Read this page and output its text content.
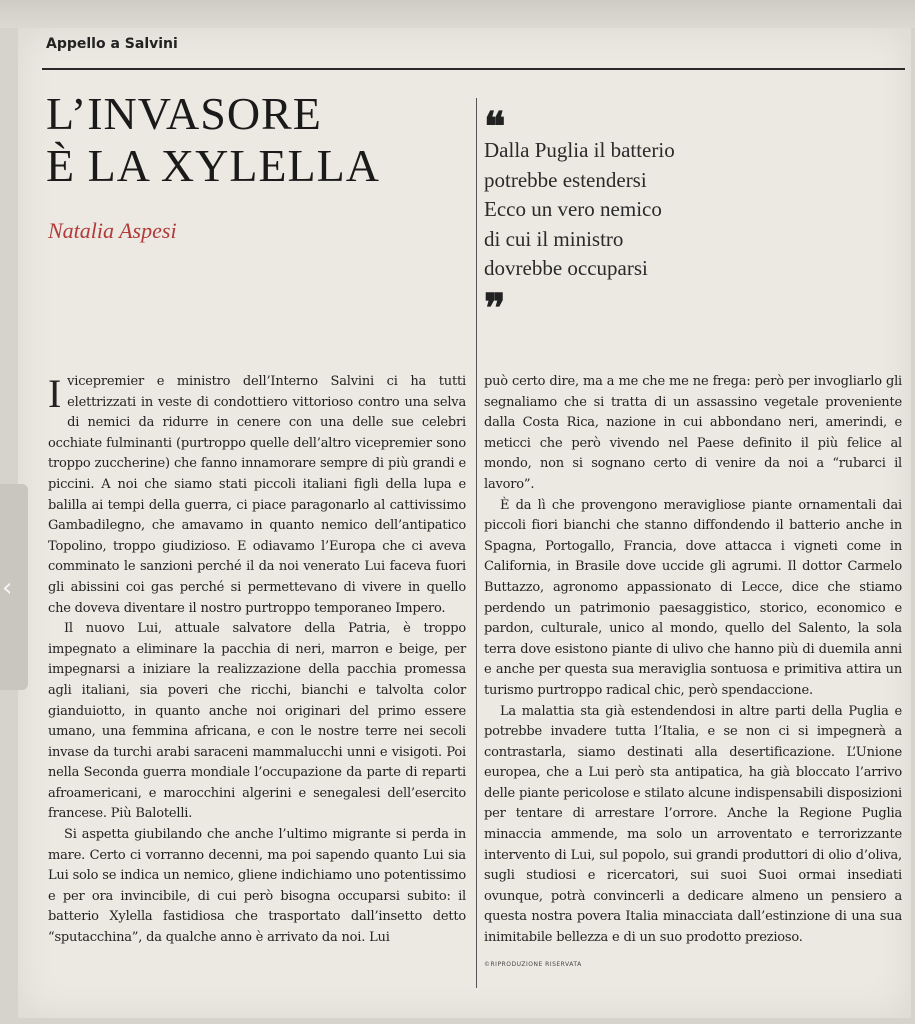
Appello a Salvini
L’INVASORE
È LA XYLELLA
Natalia Aspesi
❝
Dalla Puglia il batterio
potrebbe estendersi
Ecco un vero nemico
di cui il ministro
dovrebbe occuparsi
❞

I vicepremier e ministro dell’Interno Salvini ci ha tutti elettrizzati in veste di condottiero vittorioso contro una selva di nemici da ridurre in cenere con una delle sue celebri occhiate fulminanti (purtroppo quelle dell’altro vicepremier sono troppo zuccherine) che fanno innamorare sempre di più grandi e piccini. A noi che siamo stati piccoli italiani figli della lupa e balilla ai tempi della guerra, ci piace paragonarlo al cattivissimo Gambadilegno, che amavamo in quanto nemico dell’antipatico Topolino, troppo giudizioso. E odiavamo l’Europa che ci aveva comminato le sanzioni perché il da noi venerato Lui faceva fuori gli abissini coi gas perché si permettevano di vivere in quello che doveva diventare il nostro purtroppo temporaneo Impero.

Il nuovo Lui, attuale salvatore della Patria, è troppo impegnato a eliminare la pacchia di neri, marron e beige, per impegnarsi a iniziare la realizzazione della pacchia promessa agli italiani, sia poveri che ricchi, bianchi e talvolta color gianduiotto, in quanto anche noi originari del primo essere umano, una femmina africana, e con le nostre terre nei secoli invase da turchi arabi saraceni mammalucchi unni e visigoti. Poi nella Seconda guerra mondiale l’occupazione da parte di reparti afroamericani, e marocchini algerini e senegalesi dell’esercito francese. Più Balotelli.

Si aspetta giubilando che anche l’ultimo migrante si perda in mare. Certo ci vorranno decenni, ma poi sapendo quanto Lui sia Lui solo se indica un nemico, gliene indichiamo uno potentissimo e per ora invincibile, di cui però bisogna occuparsi subito: il batterio Xylella fastidiosa che trasportato dall’insetto detto “sputacchina”, da qualche anno è arrivato da noi. Lui

può certo dire, ma a me che me ne frega: però per invogliarlo gli segnaliamo che si tratta di un assassino vegetale proveniente dalla Costa Rica, nazione in cui abbondano neri, amerindi, e meticci che però vivendo nel Paese definito il più felice al mondo, non si sognano certo di venire da noi a “rubarci il lavoro”.

È da lì che provengono meravigliose piante ornamentali dai piccoli fiori bianchi che stanno diffondendo il batterio anche in Spagna, Portogallo, Francia, dove attacca i vigneti come in California, in Brasile dove uccide gli agrumi. Il dottor Carmelo Buttazzo, agronomo appassionato di Lecce, dice che stiamo perdendo un patrimonio paesaggistico, storico, economico e pardon, culturale, unico al mondo, quello del Salento, la sola terra dove esistono piante di ulivo che hanno più di duemila anni e anche per questa sua meraviglia sontuosa e primitiva attira un turismo purtroppo radical chic, però spendaccione.

La malattia sta già estendendosi in altre parti della Puglia e potrebbe invadere tutta l’Italia, e se non ci si impegnerà a contrastarla, siamo destinati alla desertificazione. L’Unione europea, che a Lui però sta antipatica, ha già bloccato l’arrivo delle piante pericolose e stilato alcune indispensabili disposizioni per tentare di arrestare l’orrore. Anche la Regione Puglia minaccia ammende, ma solo un arroventato e terrorizzante intervento di Lui, sul popolo, sui grandi produttori di olio d’oliva, sugli studiosi e ricercatori, sui suoi Suoi ormai insediati ovunque, potrà convincerli a dedicare almeno un pensiero a questa nostra povera Italia minacciata dall’estinzione di una sua inimitabile bellezza e di un suo prodotto prezioso.

©RIPRODUZIONE RISERVATA
‹
